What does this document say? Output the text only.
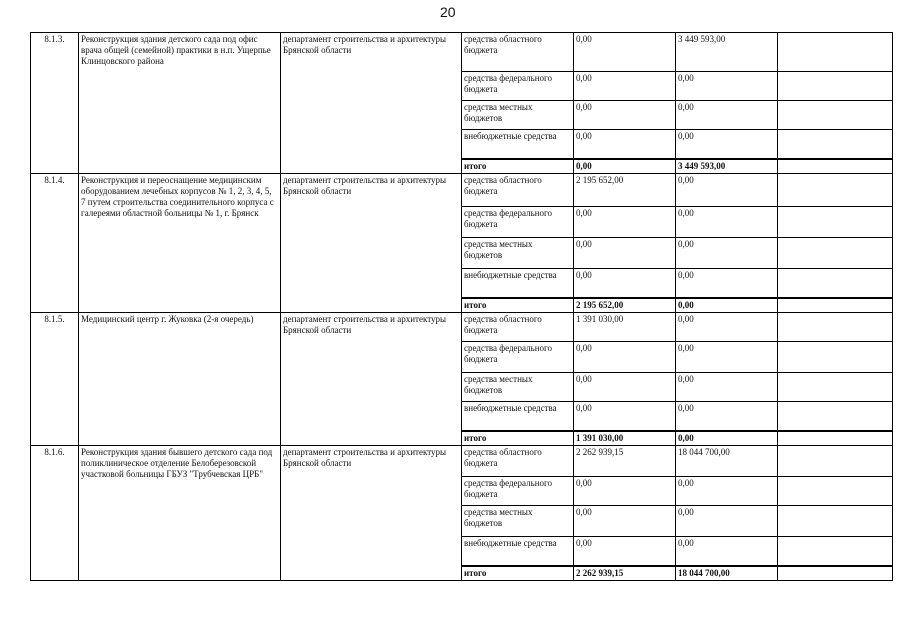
20
8.1.3.	Реконструкция здания детского сада под офис врача общей (семейной) практики в н.п. Ущерпье Клинцовского района	департамент строительства и архитектуры Брянской области	средства областного бюджета	0,00	3 449 593,00	
			средства федерального бюджета	0,00	0,00	
			средства местных бюджетов	0,00	0,00	
			внебюджетные средства	0,00	0,00	
			итого	0,00	3 449 593,00	
8.1.4.	Реконструкция и переоснащение медицинским оборудованием лечебных корпусов № 1, 2, 3, 4, 5, 7 путем строительства соединительного корпуса с галереями областной больницы № 1, г. Брянск	департамент строительства и архитектуры Брянской области	средства областного бюджета	2 195 652,00	0,00	
			средства федерального бюджета	0,00	0,00	
			средства местных бюджетов	0,00	0,00	
			внебюджетные средства	0,00	0,00	
			итого	2 195 652,00	0,00	
8.1.5.	Медицинский центр г. Жуковка (2-я очередь)	департамент строительства и архитектуры Брянской области	средства областного бюджета	1 391 030,00	0,00	
			средства федерального бюджета	0,00	0,00	
			средства местных бюджетов	0,00	0,00	
			внебюджетные средства	0,00	0,00	
			итого	1 391 030,00	0,00	
8.1.6.	Реконструкция здания бывшего детского сада под поликлиническое отделение Белоберезовской участковой больницы ГБУЗ "Трубчевская ЦРБ"	департамент строительства и архитектуры Брянской области	средства областного бюджета	2 262 939,15	18 044 700,00	
			средства федерального бюджета	0,00	0,00	
			средства местных бюджетов	0,00	0,00	
			внебюджетные средства	0,00	0,00	
			итого	2 262 939,15	18 044 700,00	
